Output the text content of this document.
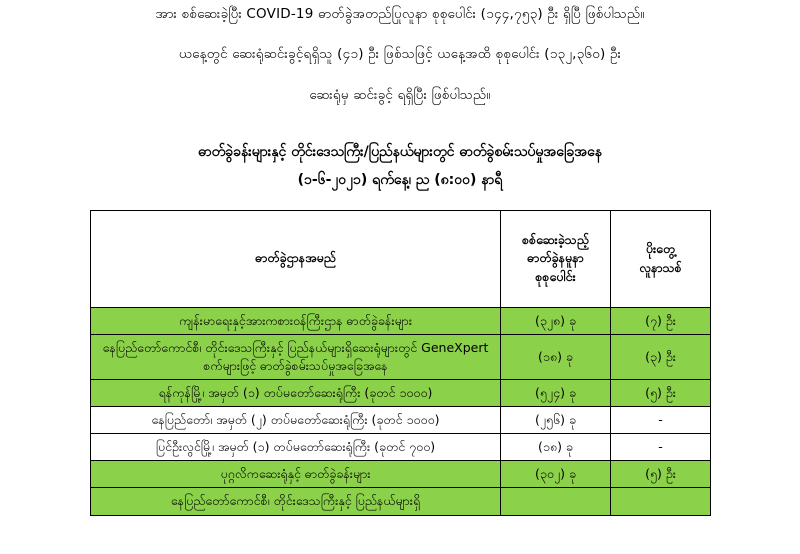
အား စစ်ဆေးခဲ့ပြီး COVID-19 ဓာတ်ခွဲအတည်ပြုလူနာ စုစုပေါင်း (၁၄၄,၇၅၃) ဦး ရှိပြီ ဖြစ်ပါသည်။
ယနေ့တွင် ဆေးရုံဆင်းခွင့်ရရှိသူ (၄၁) ဦး ဖြစ်သဖြင့် ယနေ့အထိ စုစုပေါင်း (၁၃၂,၃၆၀) ဦး
ဆေးရုံမှ ဆင်းခွင့် ရရှိပြီး ဖြစ်ပါသည်။
ဓာတ်ခွဲခန်းများနှင့် တိုင်းဒေသကြီး/ပြည်နယ်များတွင် ဓာတ်ခွဲစမ်းသပ်မှုအခြေအနေ
(၁-၆-၂၀၂၁) ရက်နေ့၊ ည (၈:၀၀) နာရီ
ဓာတ်ခွဲဌာနအမည်	စစ်ဆေးခဲ့သည့်
ဓာတ်ခွဲနမူနာ
စုစုပေါင်း	ပိုးတွေ့
လူနာသစ်

ကျန်းမာရေးနှင့်အားကစားဝန်ကြီးဌာန ဓာတ်ခွဲခန်းများ	(၃၂၈) ခု	(၇) ဦး
နေပြည်တော်ကောင်စီ၊ တိုင်းဒေသကြီးနှင့် ပြည်နယ်များရှိဆေးရုံများတွင် GeneXpert စက်များဖြင့် ဓာတ်ခွဲစမ်းသပ်မှုအခြေအနေ	(၁၈) ခု	(၃) ဦး
ရန်ကုန်မြို့၊ အမှတ် (၁) တပ်မတော်ဆေးရုံကြီး (ခုတင် ၁၀၀၀)	(၅၂၄) ခု	(၅) ဦး
နေပြည်တော်၊ အမှတ် (၂) တပ်မတော်ဆေးရုံကြီး (ခုတင် ၁၀၀၀)	(၂၅၆) ခု	-
ပြင်ဦးလွင်မြို့၊ အမှတ် (၁) တပ်မတော်ဆေးရုံကြီး (ခုတင် ၇၀၀)	(၁၈) ခု	-
ပုဂ္ဂလိကဆေးရုံနှင့် ဓာတ်ခွဲခန်းများ	(၃၀၂) ခု	(၅) ဦး
နေပြည်တော်ကောင်စီ၊ တိုင်းဒေသကြီးနှင့် ပြည်နယ်များရှိ		
